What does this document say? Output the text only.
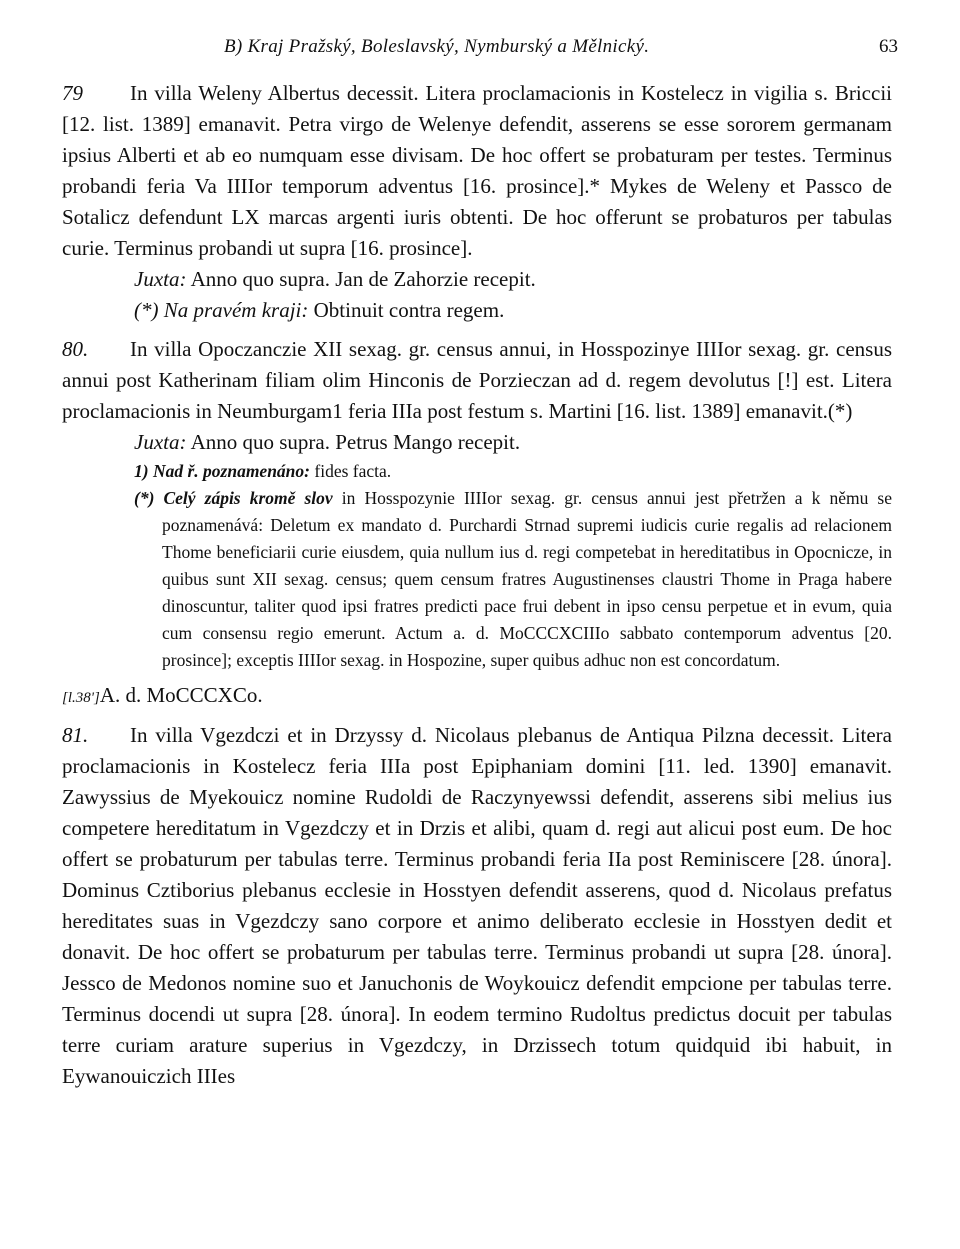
B) Kraj Pražský, Boleslavský, Nymburský a Mělnický.	63

79 In villa Weleny Albertus decessit. Litera proclamacionis in Kostelecz in vigilia s. Briccii [12. list. 1389] emanavit. Petra virgo de Welenye defendit, asserens se esse sororem germanam ipsius Alberti et ab eo numquam esse divisam. De hoc offert se probaturam per testes. Terminus probandi feria Va IIIIor temporum adventus [16. prosince].* Mykes de Weleny et Passco de Sotalicz defendunt LX marcas argenti iuris obtenti. De hoc offerunt se probaturos per tabulas curie. Terminus probandi ut supra [16. prosince].

Juxta: Anno quo supra. Jan de Zahorzie recepit.

(*) Na pravém kraji: Obtinuit contra regem.

80. In villa Opoczanczie XII sexag. gr. census annui, in Hosspozinye IIIIor sexag. gr. census annui post Katherinam filiam olim Hinconis de Porzieczan ad d. regem devolutus [!] est. Litera proclamacionis in Neumburgam1 feria IIIa post festum s. Martini [16. list. 1389] emanavit.(*)

Juxta: Anno quo supra. Petrus Mango recepit.

1) Nad ř. poznamenáno: fides facta.

(*) Celý zápis kromě slov in Hosspozynie IIIIor sexag. gr. census annui jest přetržen a k němu se poznamenává: Deletum ex mandato d. Purchardi Strnad supremi iudicis curie regalis ad relacionem Thome beneficiarii curie eiusdem, quia nullum ius d. regi competebat in hereditatibus in Opocnicze, in quibus sunt XII sexag. census; quem censum fratres Augustinenses claustri Thome in Praga habere dinoscuntur, taliter quod ipsi fratres predicti pace frui debent in ipso censu perpetue et in evum, quia cum consensu regio emerunt. Actum a. d. MoCCCXCIIIo sabbato contemporum adventus [20. prosince]; exceptis IIIIor sexag. in Hospozine, super quibus adhuc non est concordatum.

[l.38']A. d. MoCCCXCo.

81. In villa Vgezdczi et in Drzyssy d. Nicolaus plebanus de Antiqua Pilzna decessit. Litera proclamacionis in Kostelecz feria IIIa post Epiphaniam domini [11. led. 1390] emanavit. Zawyssius de Myekouicz nomine Rudoldi de Raczynyewssi defendit, asserens sibi melius ius competere hereditatum in Vgezdczy et in Drzis et alibi, quam d. regi aut alicui post eum. De hoc offert se probaturum per tabulas terre. Terminus probandi feria IIa post Reminiscere [28. února]. Dominus Cztiborius plebanus ecclesie in Hosstyen defendit asserens, quod d. Nicolaus prefatus hereditates suas in Vgezdczy sano corpore et animo deliberato ecclesie in Hosstyen dedit et donavit. De hoc offert se probaturum per tabulas terre. Terminus probandi ut supra [28. února]. Jessco de Medonos nomine suo et Januchonis de Woykouicz defendit empcione per tabulas terre. Terminus docendi ut supra [28. února]. In eodem termino Rudoltus predictus docuit per tabulas terre curiam arature superius in Vgezdczy, in Drzissech totum quidquid ibi habuit, in Eywanouiczich IIIes
